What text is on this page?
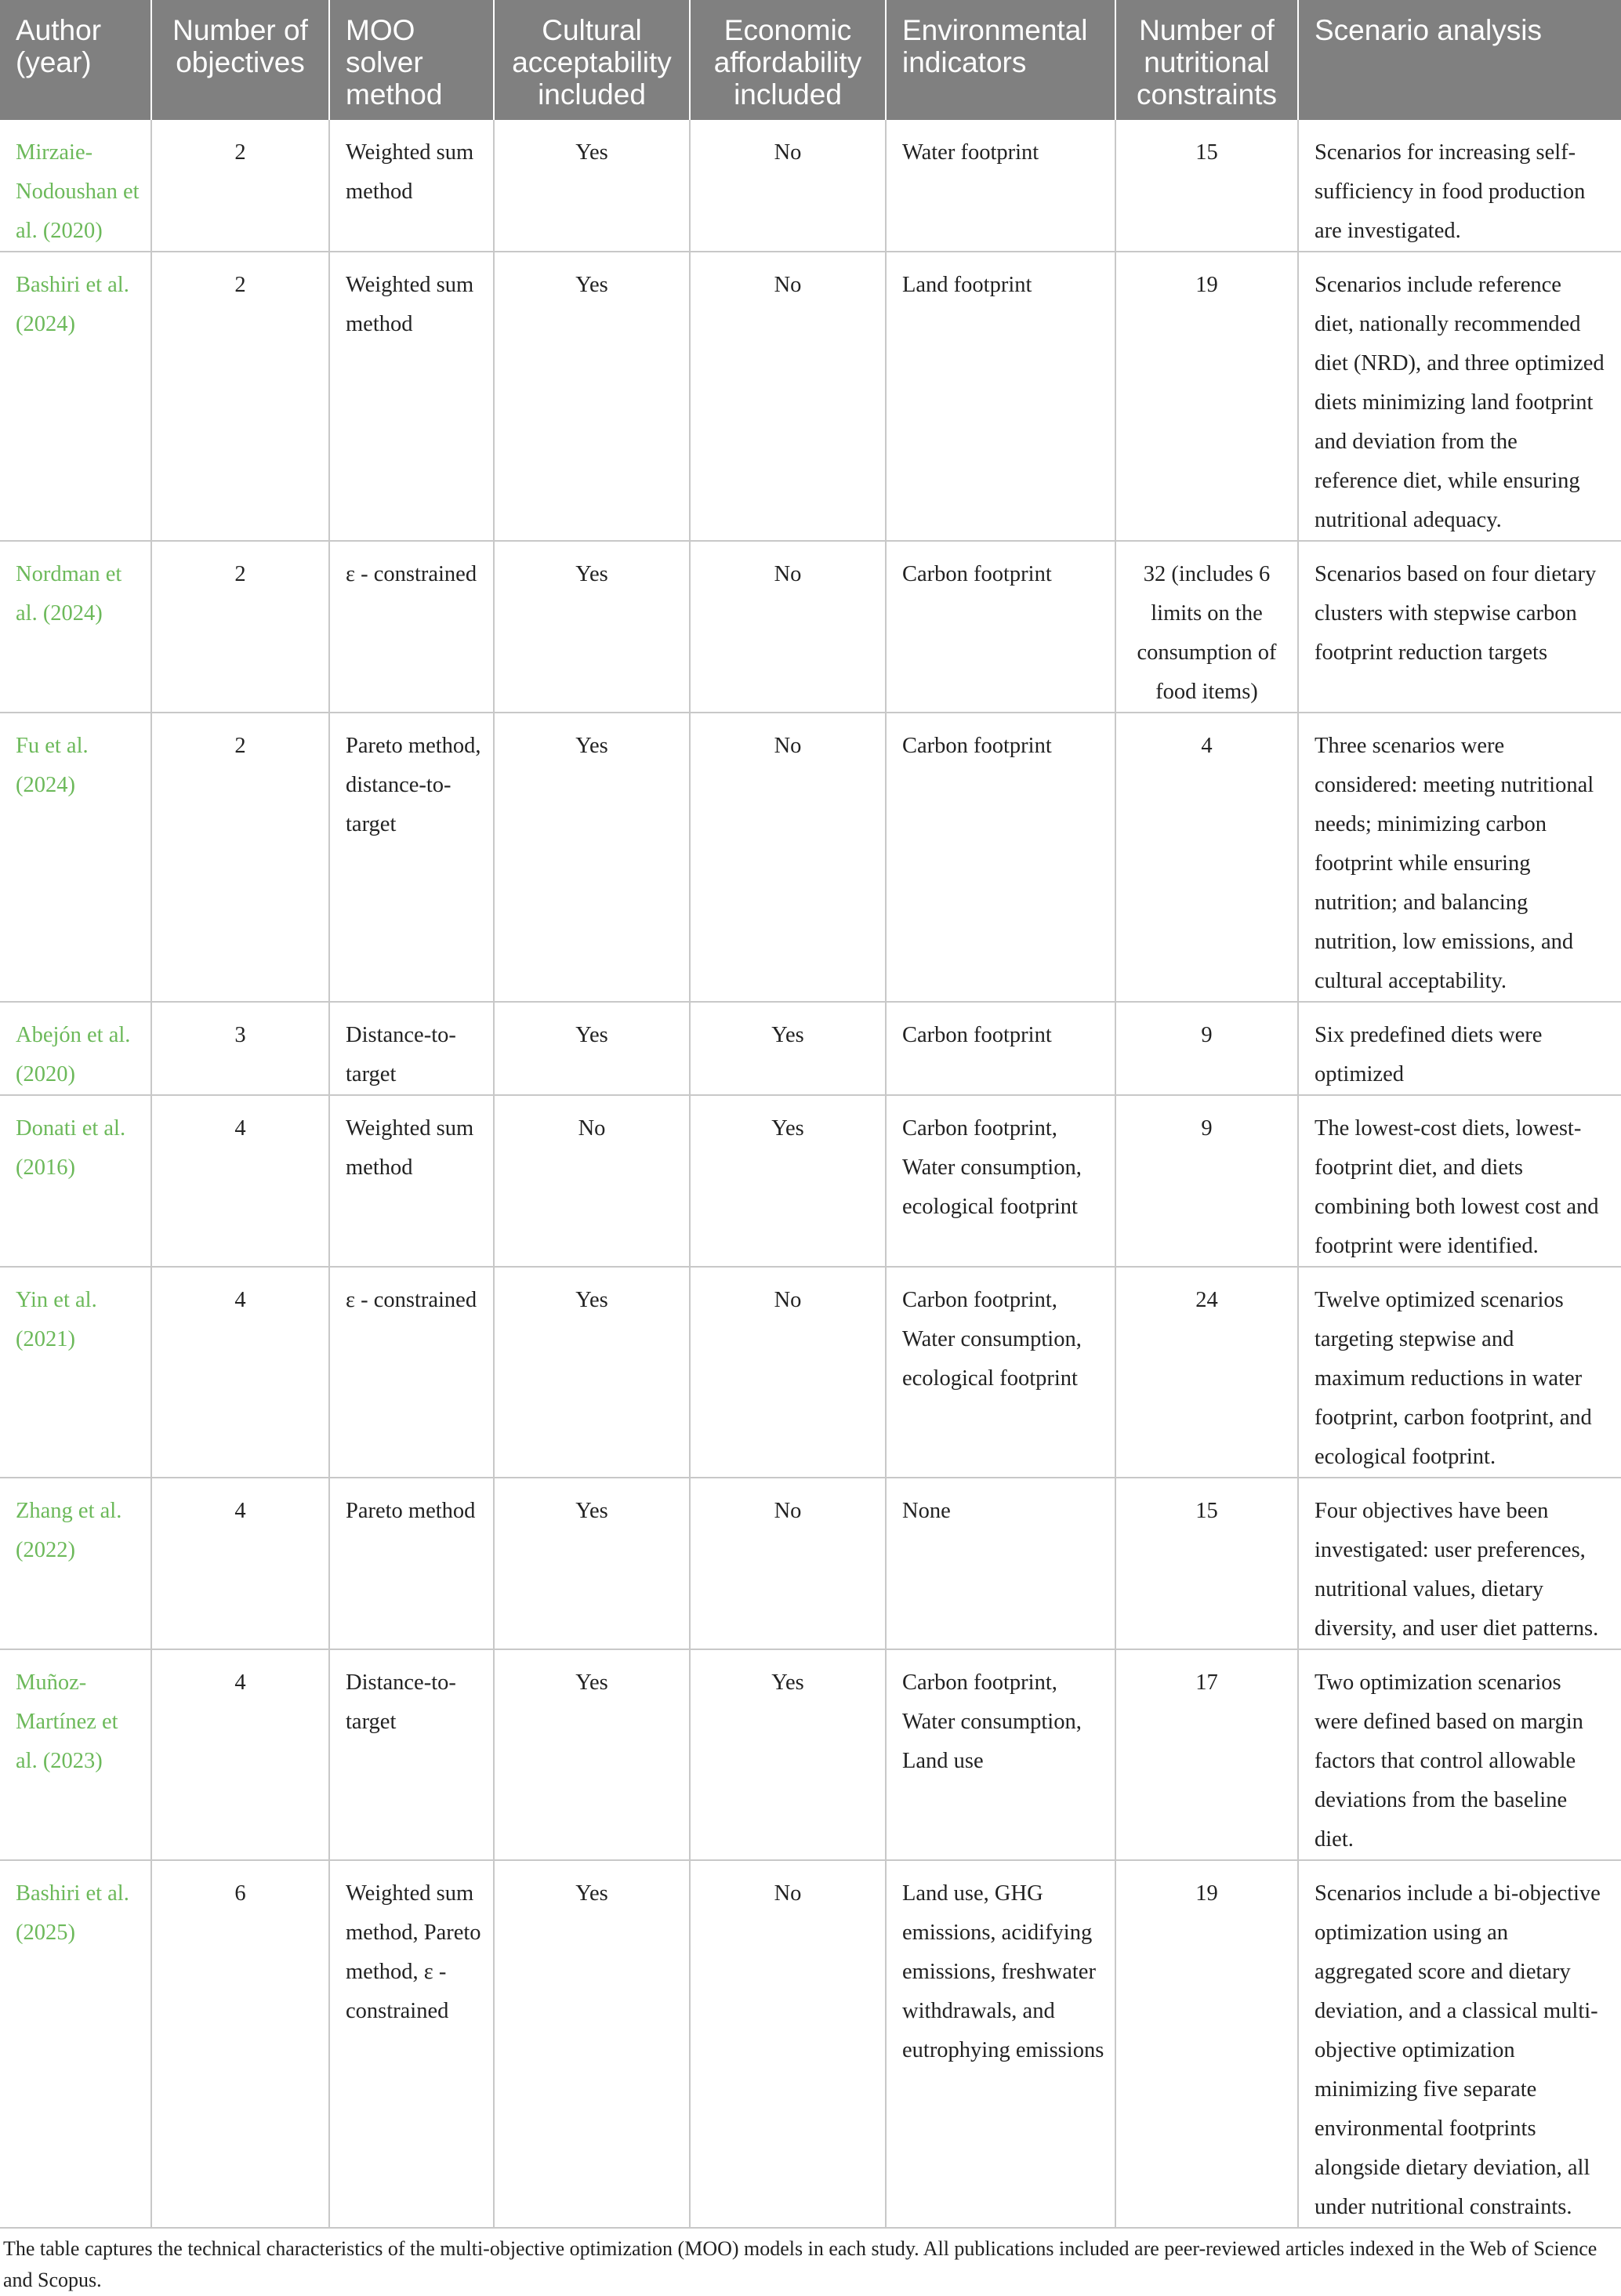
Author (year)	Number of objectives	MOO solver method	Cultural acceptability included	Economic affordability included	Environmental indicators	Number of nutritional constraints	Scenario analysis
Mirzaie-Nodoushan et al. (2020)	2	Weighted sum method	Yes	No	Water footprint	15	Scenarios for increasing self-sufficiency in food production are investigated.
Bashiri et al. (2024)	2	Weighted sum method	Yes	No	Land footprint	19	Scenarios include reference diet, nationally recommended diet (NRD), and three optimized diets minimizing land footprint and deviation from the reference diet, while ensuring nutritional adequacy.
Nordman et al. (2024)	2	ε - constrained	Yes	No	Carbon footprint	32 (includes 6 limits on the consumption of food items)	Scenarios based on four dietary clusters with stepwise carbon footprint reduction targets
Fu et al. (2024)	2	Pareto method, distance-to-target	Yes	No	Carbon footprint	4	Three scenarios were considered: meeting nutritional needs; minimizing carbon footprint while ensuring nutrition; and balancing nutrition, low emissions, and cultural acceptability.
Abejón et al. (2020)	3	Distance-to-target	Yes	Yes	Carbon footprint	9	Six predefined diets were optimized
Donati et al. (2016)	4	Weighted sum method	No	Yes	Carbon footprint, Water consumption, ecological footprint	9	The lowest-cost diets, lowest-footprint diet, and diets combining both lowest cost and footprint were identified.
Yin et al. (2021)	4	ε - constrained	Yes	No	Carbon footprint, Water consumption, ecological footprint	24	Twelve optimized scenarios targeting stepwise and maximum reductions in water footprint, carbon footprint, and ecological footprint.
Zhang et al. (2022)	4	Pareto method	Yes	No	None	15	Four objectives have been investigated: user preferences, nutritional values, dietary diversity, and user diet patterns.
Muñoz-Martínez et al. (2023)	4	Distance-to-target	Yes	Yes	Carbon footprint, Water consumption, Land use	17	Two optimization scenarios were defined based on margin factors that control allowable deviations from the baseline diet.
Bashiri et al. (2025)	6	Weighted sum method, Pareto method, ε - constrained	Yes	No	Land use, GHG emissions, acidifying emissions, freshwater withdrawals, and eutrophying emissions	19	Scenarios include a bi-objective optimization using an aggregated score and dietary deviation, and a classical multi-objective optimization minimizing five separate environmental footprints alongside dietary deviation, all under nutritional constraints.
The table captures the technical characteristics of the multi-objective optimization (MOO) models in each study. All publications included are peer-reviewed articles indexed in the Web of Science and Scopus.
